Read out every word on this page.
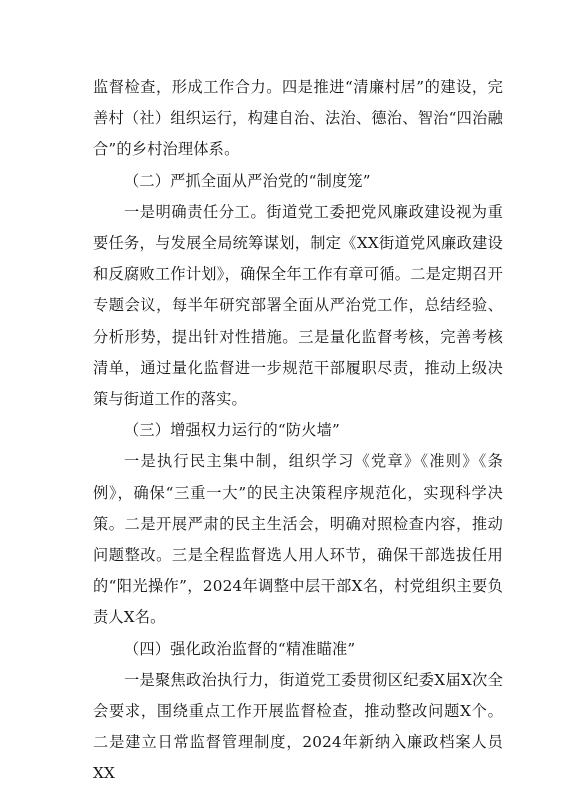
监督检查，形成工作合力。四是推进“清廉村居”的建设，完善村（社）组织运行，构建自治、法治、德治、智治“四治融合”的乡村治理体系。

（二）严抓全面从严治党的“制度笼”

一是明确责任分工。街道党工委把党风廉政建设视为重要任务，与发展全局统筹谋划，制定《XX街道党风廉政建设和反腐败工作计划》，确保全年工作有章可循。二是定期召开专题会议，每半年研究部署全面从严治党工作，总结经验、分析形势，提出针对性措施。三是量化监督考核，完善考核清单，通过量化监督进一步规范干部履职尽责，推动上级决策与街道工作的落实。

（三）增强权力运行的“防火墙”

一是执行民主集中制，组织学习《党章》《准则》《条例》，确保“三重一大”的民主决策程序规范化，实现科学决策。二是开展严肃的民主生活会，明确对照检查内容，推动问题整改。三是全程监督选人用人环节，确保干部选拔任用的“阳光操作”，2024年调整中层干部X名，村党组织主要负责人X名。

（四）强化政治监督的“精准瞄准”

一是聚焦政治执行力，街道党工委贯彻区纪委X届X次全会要求，围绕重点工作开展监督检查，推动整改问题X个。二是建立日常监督管理制度，2024年新纳入廉政档案人员XX
